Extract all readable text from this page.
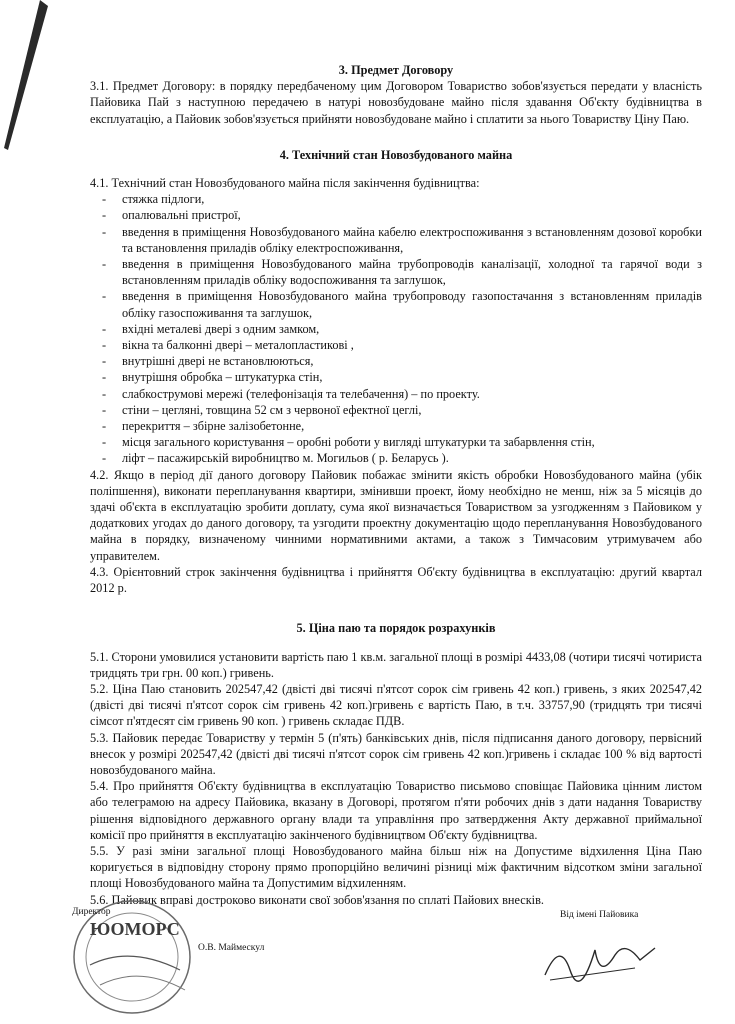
3. Предмет Договору

3.1. Предмет Договору: в порядку передбаченому цим Договором Товариство зобов'язується передати у власність Пайовика Пай з наступною передачею в натурі новозбудоване майно після здавання Об'єкту будівництва в експлуатацію, а Пайовик зобов'язується прийняти новозбудоване майно і сплатити за нього Товариству Ціну Паю.

4. Технічний стан Новозбудованого майна

4.1. Технічний стан Новозбудованого майна після закінчення будівництва:

- стяжка підлоги,
- опалювальні пристрої,
- введення в приміщення Новозбудованого майна кабелю електроспоживання з встановленням дозової коробки та встановлення приладів обліку електроспоживання,
- введення в приміщення Новозбудованого майна трубопроводів каналізації, холодної та гарячої води з встановленням приладів обліку водоспоживання та заглушок,
- введення в приміщення Новозбудованого майна трубопроводу газопостачання з встановленням приладів обліку газоспоживання та заглушок,
- вхідні металеві двері з одним замком,
- вікна та балконні двері – металопластикові ,
- внутрішні двері не встановлюються,
- внутрішня обробка – штукатурка стін,
- слабкострумові мережі (телефонізація та телебачення) – по проекту.
- стіни – цегляні, товщина 52 см з червоної ефектної цеглі,
- перекриття – збірне залізобетонне,
- місця загального користування – оробні роботи у вигляді штукатурки та забарвлення стін,
- ліфт – пасажирській виробництво м. Могильов ( р. Беларусь ).

4.2. Якщо в період дії даного договору Пайовик побажає змінити якість обробки Новозбудованого майна (убік поліпшення), виконати перепланування квартири, змінивши проект, йому необхідно не менш, ніж за 5 місяців до здачі об'єкта в експлуатацію зробити доплату, сума якої визначається Товариством за узгодженням з Пайовиком у додаткових угодах до даного договору, та узгодити проектну документацію щодо перепланування Новозбудованого майна в порядку, визначеному чинними нормативними актами, а також з Тимчасовим утримувачем або управителем.

4.3. Орієнтовний строк закінчення будівництва і прийняття Об'єкту будівництва в експлуатацію: другий квартал 2012 р.

5. Ціна паю та порядок розрахунків

5.1. Сторони умовилися установити вартість паю 1 кв.м. загальної площі в розмірі 4433,08 (чотири тисячі чотириста тридцять три грн. 00 коп.) гривень.

5.2. Ціна Паю становить 202547,42 (двісті дві тисячі п'ятсот сорок сім гривень 42 коп.) гривень, з яких 202547,42 (двісті дві тисячі п'ятсот сорок сім гривень 42 коп.)гривень є вартість Паю, в т.ч. 33757,90 (тридцять три тисячі сімсот п'ятдесят сім гривень 90 коп. ) гривень складає ПДВ.

5.3. Пайовик передає Товариству у термін 5 (п'ять) банківських днів, після підписання даного договору, первісний внесок у розмірі 202547,42 (двісті дві тисячі п'ятсот сорок сім гривень 42 коп.)гривень і складає 100 % від вартості новозбудованого майна.

5.4. Про прийняття Об'єкту будівництва в експлуатацію Товариство письмово сповіщає Пайовика цінним листом або телеграмою на адресу Пайовика, вказану в Договорі, протягом п'яти робочих днів з дати надання Товариству рішення відповідного державного органу влади та управління про затвердження Акту державної приймальної комісії про прийняття в експлуатацію закінченого будівництвом Об'єкту будівництва.

5.5. У разі зміни загальної площі Новозбудованого майна більш ніж на Допустиме відхилення Ціна Паю коригується в відповідну сторону прямо пропорційно величині різниці між фактичним відсотком зміни загальної площі Новозбудованого майна та Допустимим відхиленням.

5.6. Пайовик вправі достроково виконати свої зобов'язання по сплаті Пайових внесків.

ЮОМОРС
Директор
О.В. Маймескул
Від імені Пайовика
